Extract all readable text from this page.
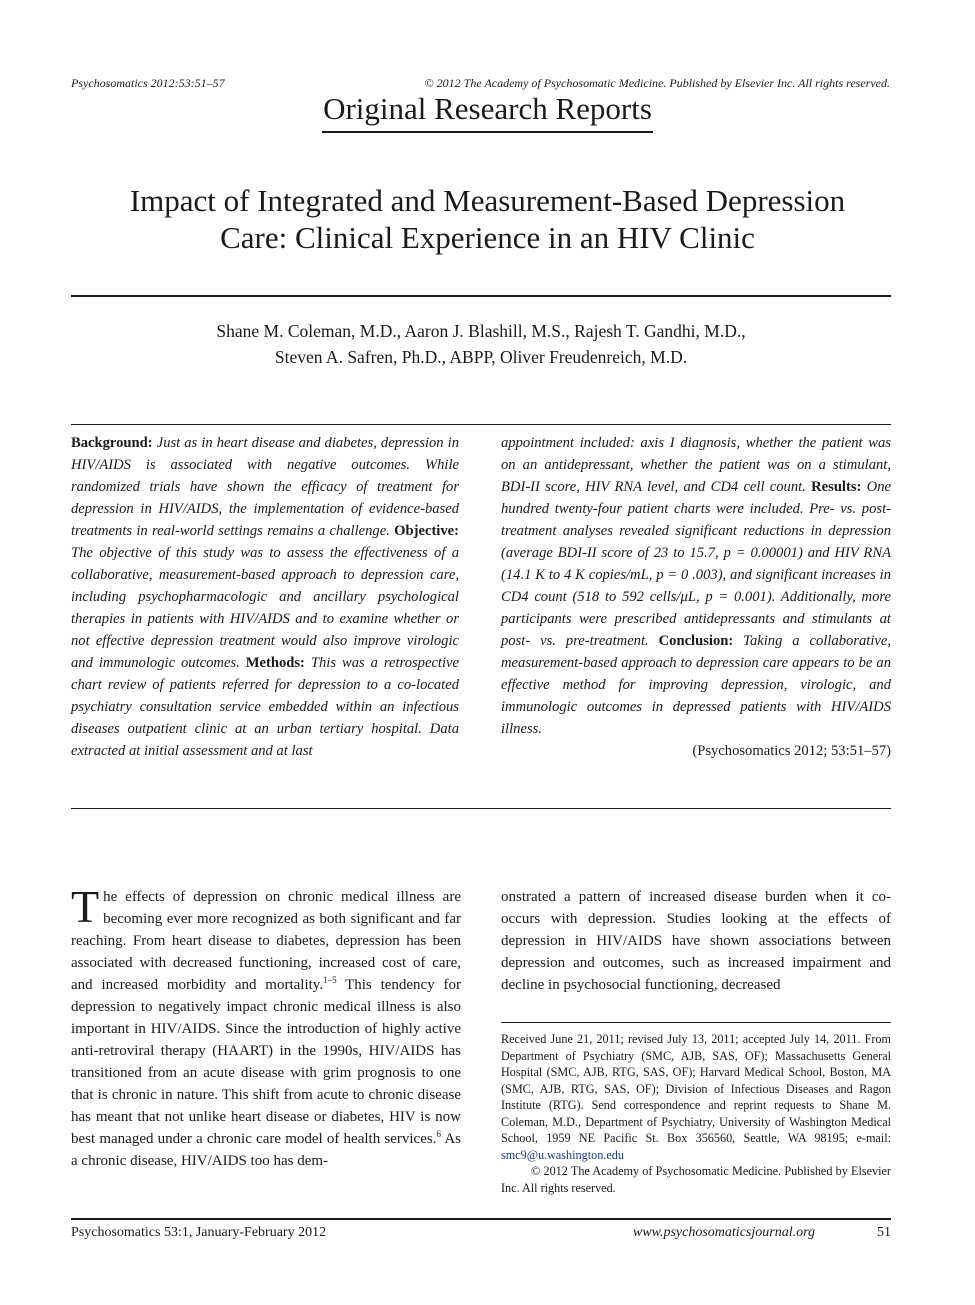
Psychosomatics 2012:53:51–57	© 2012 The Academy of Psychosomatic Medicine. Published by Elsevier Inc. All rights reserved.
Original Research Reports
Impact of Integrated and Measurement-Based Depression
Care: Clinical Experience in an HIV Clinic
Shane M. Coleman, M.D., Aaron J. Blashill, M.S., Rajesh T. Gandhi, M.D.,
Steven A. Safren, Ph.D., ABPP, Oliver Freudenreich, M.D.
Background: Just as in heart disease and diabetes, depression in HIV/AIDS is associated with negative outcomes. While randomized trials have shown the efficacy of treatment for depression in HIV/AIDS, the implementation of evidence-based treatments in real-world settings remains a challenge. Objective: The objective of this study was to assess the effectiveness of a collaborative, measurement-based approach to depression care, including psychopharmacologic and ancillary psychological therapies in patients with HIV/AIDS and to examine whether or not effective depression treatment would also improve virologic and immunologic outcomes. Methods: This was a retrospective chart review of patients referred for depression to a co-located psychiatry consultation service embedded within an infectious diseases outpatient clinic at an urban tertiary hospital. Data extracted at initial assessment and at last
appointment included: axis I diagnosis, whether the patient was on an antidepressant, whether the patient was on a stimulant, BDI-II score, HIV RNA level, and CD4 cell count. Results: One hundred twenty-four patient charts were included. Pre- vs. post-treatment analyses revealed significant reductions in depression (average BDI-II score of 23 to 15.7, p = 0.00001) and HIV RNA (14.1 K to 4 K copies/mL, p = 0 .003), and significant increases in CD4 count (518 to 592 cells/μL, p = 0.001). Additionally, more participants were prescribed antidepressants and stimulants at post- vs. pre-treatment. Conclusion: Taking a collaborative, measurement-based approach to depression care appears to be an effective method for improving depression, virologic, and immunologic outcomes in depressed patients with HIV/AIDS illness.
(Psychosomatics 2012; 53:51–57)
The effects of depression on chronic medical illness are becoming ever more recognized as both significant and far reaching. From heart disease to diabetes, depression has been associated with decreased functioning, increased cost of care, and increased morbidity and mortality.$^{1-5}$ This tendency for depression to negatively impact chronic medical illness is also important in HIV/AIDS. Since the introduction of highly active anti-retroviral therapy (HAART) in the 1990s, HIV/AIDS has transitioned from an acute disease with grim prognosis to one that is chronic in nature. This shift from acute to chronic disease has meant that not unlike heart disease or diabetes, HIV is now best managed under a chronic care model of health services.$^6$ As a chronic disease, HIV/AIDS too has dem-
onstrated a pattern of increased disease burden when it co-occurs with depression. Studies looking at the effects of depression in HIV/AIDS have shown associations between depression and outcomes, such as increased impairment and decline in psychosocial functioning, decreased

Received June 21, 2011; revised July 13, 2011; accepted July 14, 2011. From Department of Psychiatry (SMC, AJB, SAS, OF); Massachusetts General Hospital (SMC, AJB, RTG, SAS, OF); Harvard Medical School, Boston, MA (SMC, AJB, RTG, SAS, OF); Division of Infectious Diseases and Ragon Institute (RTG). Send correspondence and reprint requests to Shane M. Coleman, M.D., Department of Psychiatry, University of Washington Medical School, 1959 NE Pacific St. Box 356560, Seattle, WA 98195; e-mail: smc9@u.washington.edu

© 2012 The Academy of Psychosomatic Medicine. Published by Elsevier Inc. All rights reserved.

Psychosomatics 53:1, January-February 2012	www.psychosomaticsjournal.org	51
